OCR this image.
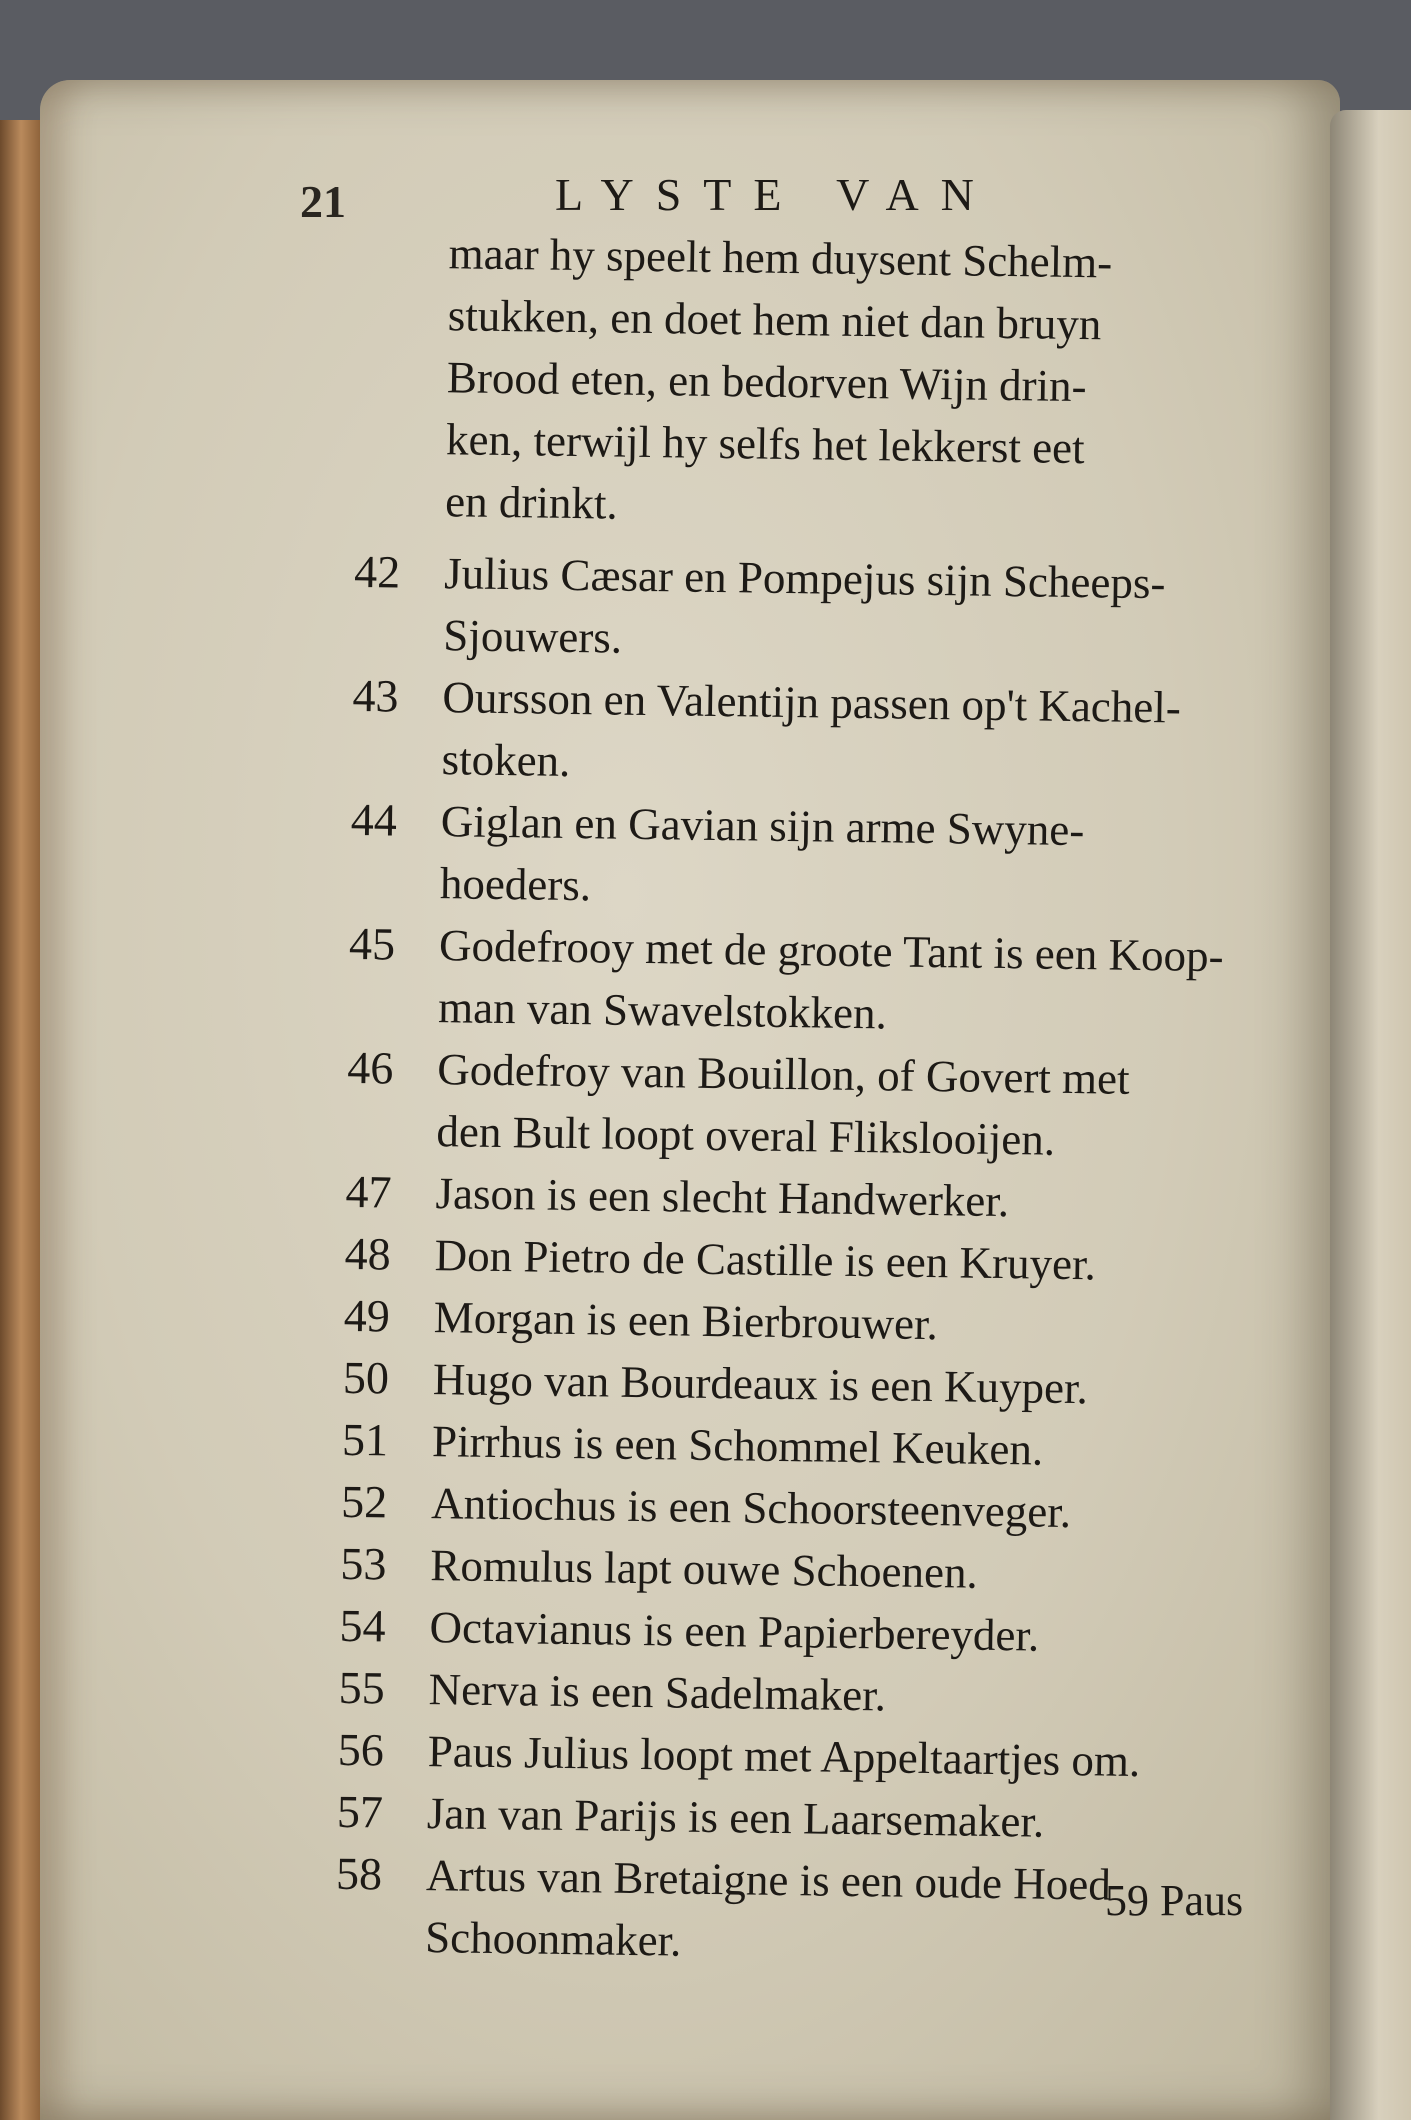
21	LYSTE VAN

maar hy speelt hem duysent Schelm-

stukken, en doet hem niet dan bruyn

Brood eten, en bedorven Wijn drin-

ken, terwijl hy selfs het lekkerst eet

en drinkt.

42 Julius Cæsar en Pompejus sijn Scheeps-

Sjouwers.

43 Oursson en Valentijn passen op't Kachel-

stoken.

44 Giglan en Gavian sijn arme Swyne-

hoeders.

45 Godefrooy met de groote Tant is een Koop-

man van Swavelstokken.

46 Godefroy van Bouillon, of Govert met

den Bult loopt overal Flikslooijen.

47 Jason is een slecht Handwerker.

48 Don Pietro de Castille is een Kruyer.

49 Morgan is een Bierbrouwer.

50 Hugo van Bourdeaux is een Kuyper.

51 Pirrhus is een Schommel Keuken.

52 Antiochus is een Schoorsteenveger.

53 Romulus lapt ouwe Schoenen.

54 Octavianus is een Papierbereyder.

55 Nerva is een Sadelmaker.

56 Paus Julius loopt met Appeltaartjes om.

57 Jan van Parijs is een Laarsemaker.

58 Artus van Bretaigne is een oude Hoed

Schoonmaker.

59 Paus
